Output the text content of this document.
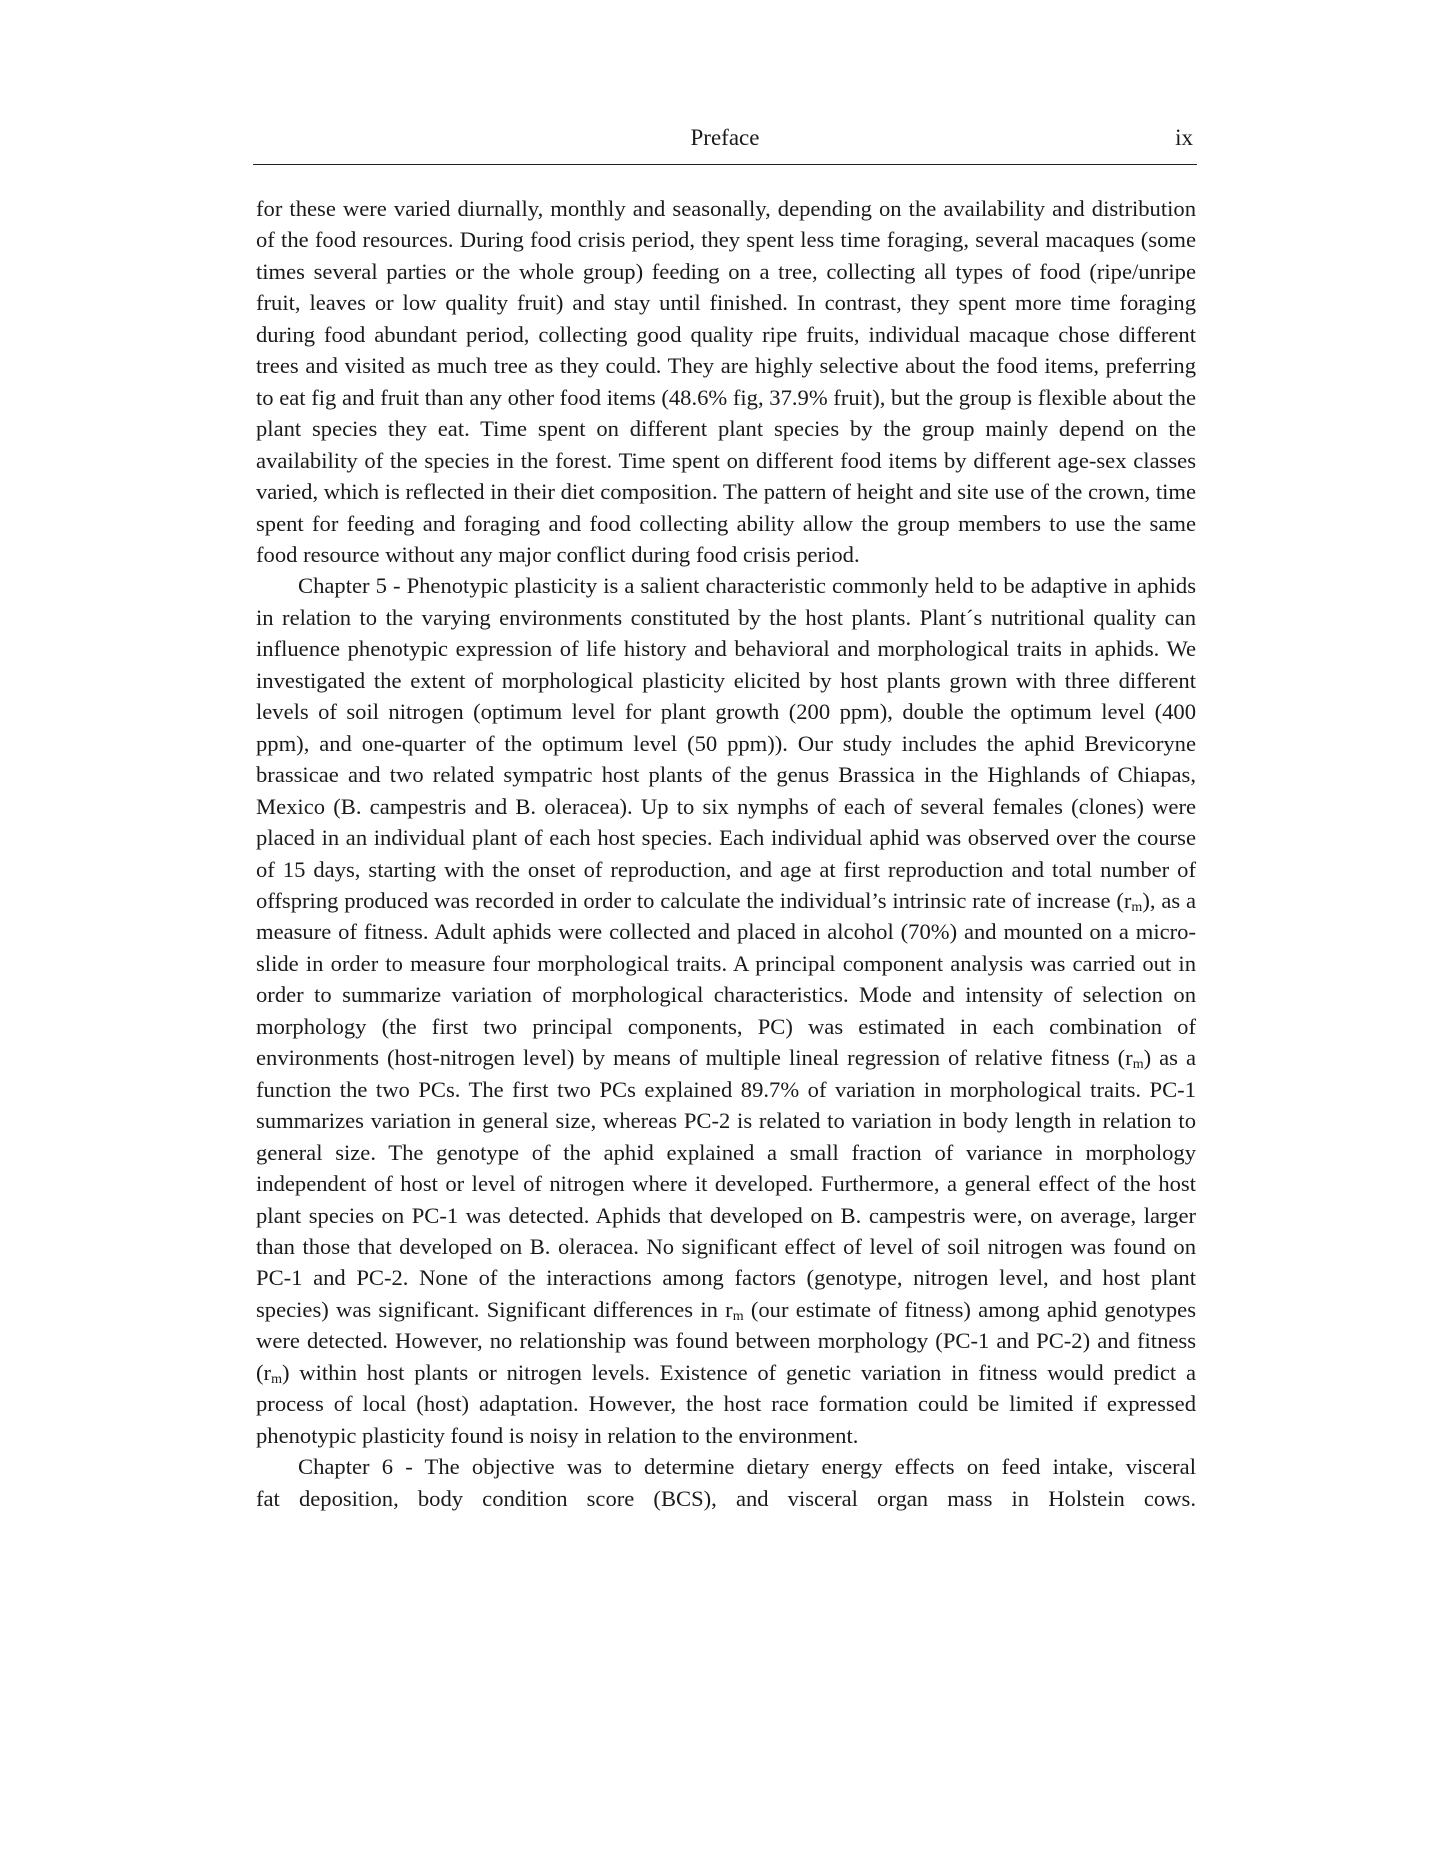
Preface	ix

for these were varied diurnally, monthly and seasonally, depending on the availability and distribution of the food resources. During food crisis period, they spent less time foraging, several macaques (some times several parties or the whole group) feeding on a tree, collecting all types of food (ripe/unripe fruit, leaves or low quality fruit) and stay until finished. In contrast, they spent more time foraging during food abundant period, collecting good quality ripe fruits, individual macaque chose different trees and visited as much tree as they could. They are highly selective about the food items, preferring to eat fig and fruit than any other food items (48.6% fig, 37.9% fruit), but the group is flexible about the plant species they eat. Time spent on different plant species by the group mainly depend on the availability of the species in the forest. Time spent on different food items by different age-sex classes varied, which is reflected in their diet composition. The pattern of height and site use of the crown, time spent for feeding and foraging and food collecting ability allow the group members to use the same food resource without any major conflict during food crisis period.

Chapter 5 - Phenotypic plasticity is a salient characteristic commonly held to be adaptive in aphids in relation to the varying environments constituted by the host plants. Plant´s nutritional quality can influence phenotypic expression of life history and behavioral and morphological traits in aphids. We investigated the extent of morphological plasticity elicited by host plants grown with three different levels of soil nitrogen (optimum level for plant growth (200 ppm), double the optimum level (400 ppm), and one-quarter of the optimum level (50 ppm)). Our study includes the aphid Brevicoryne brassicae and two related sympatric host plants of the genus Brassica in the Highlands of Chiapas, Mexico (B. campestris and B. oleracea). Up to six nymphs of each of several females (clones) were placed in an individual plant of each host species. Each individual aphid was observed over the course of 15 days, starting with the onset of reproduction, and age at first reproduction and total number of offspring produced was recorded in order to calculate the individual’s intrinsic rate of increase $(r_m)$, as a measure of fitness. Adult aphids were collected and placed in alcohol (70%) and mounted on a micro-slide in order to measure four morphological traits. A principal component analysis was carried out in order to summarize variation of morphological characteristics. Mode and intensity of selection on morphology (the first two principal components, PC) was estimated in each combination of environments (host-nitrogen level) by means of multiple lineal regression of relative fitness $(r_m)$ as a function the two PCs. The first two PCs explained 89.7% of variation in morphological traits. PC-1 summarizes variation in general size, whereas PC-2 is related to variation in body length in relation to general size. The genotype of the aphid explained a small fraction of variance in morphology independent of host or level of nitrogen where it developed. Furthermore, a general effect of the host plant species on PC-1 was detected. Aphids that developed on B. campestris were, on average, larger than those that developed on B. oleracea. No significant effect of level of soil nitrogen was found on PC-1 and PC-2. None of the interactions among factors (genotype, nitrogen level, and host plant species) was significant. Significant differences in $r_m$ (our estimate of fitness) among aphid genotypes were detected. However, no relationship was found between morphology (PC-1 and PC-2) and fitness $(r_m)$ within host plants or nitrogen levels. Existence of genetic variation in fitness would predict a process of local (host) adaptation. However, the host race formation could be limited if expressed phenotypic plasticity found is noisy in relation to the environment.

Chapter 6 - The objective was to determine dietary energy effects on feed intake, visceral

fat deposition, body condition score (BCS), and visceral organ mass in Holstein cows.
